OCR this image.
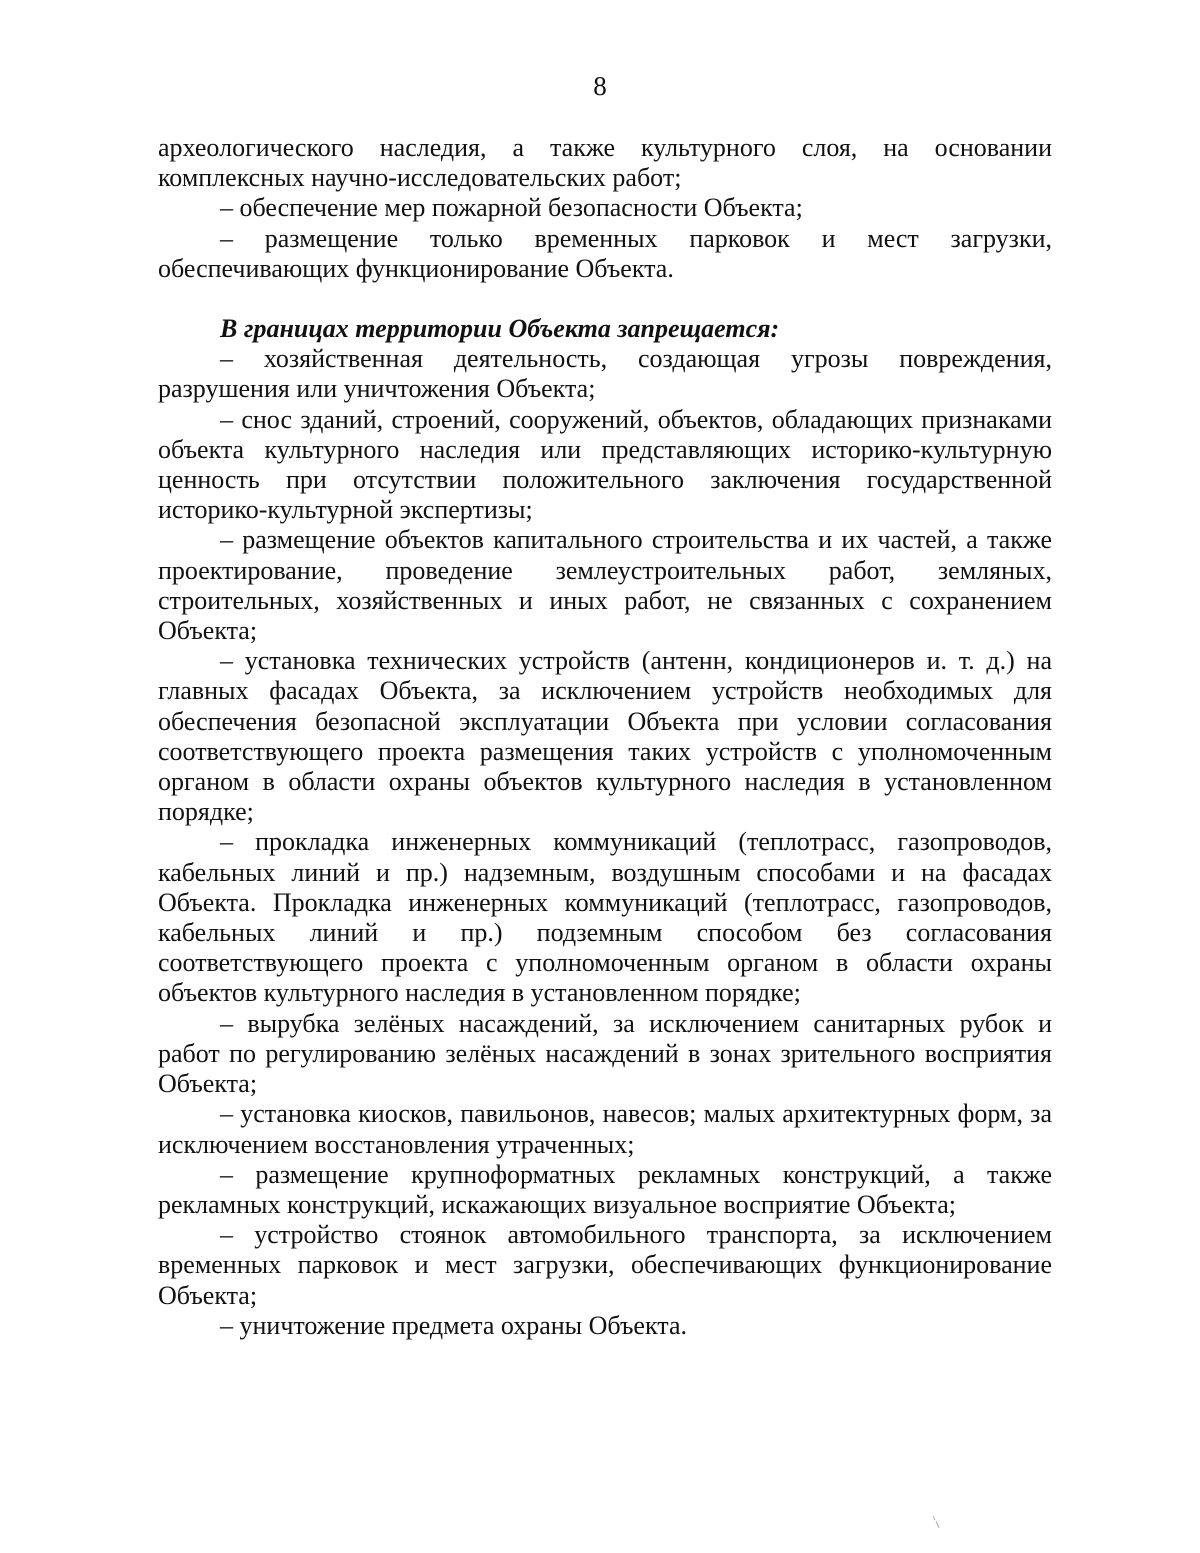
8

археологического наследия, а также культурного слоя, на основании комплексных научно-исследовательских работ;

– обеспечение мер пожарной безопасности Объекта;

– размещение только временных парковок и мест загрузки, обеспечивающих функционирование Объекта.

В границах территории Объекта запрещается:

– хозяйственная деятельность, создающая угрозы повреждения, разрушения или уничтожения Объекта;

– снос зданий, строений, сооружений, объектов, обладающих признаками объекта культурного наследия или представляющих историко-культурную ценность при отсутствии положительного заключения государственной историко-культурной экспертизы;

– размещение объектов капитального строительства и их частей, а также проектирование, проведение землеустроительных работ, земляных, строительных, хозяйственных и иных работ, не связанных с сохранением Объекта;

– установка технических устройств (антенн, кондиционеров и. т. д.) на главных фасадах Объекта, за исключением устройств необходимых для обеспечения безопасной эксплуатации Объекта при условии согласования соответствующего проекта размещения таких устройств с уполномоченным органом в области охраны объектов культурного наследия в установленном порядке;

– прокладка инженерных коммуникаций (теплотрасс, газопроводов, кабельных линий и пр.) надземным, воздушным способами и на фасадах Объекта. Прокладка инженерных коммуникаций (теплотрасс, газопроводов, кабельных линий и пр.) подземным способом без согласования соответствующего проекта с уполномоченным органом в области охраны объектов культурного наследия в установленном порядке;

– вырубка зелёных насаждений, за исключением санитарных рубок и работ по регулированию зелёных насаждений в зонах зрительного восприятия Объекта;

– установка киосков, павильонов, навесов; малых архитектурных форм, за исключением восстановления утраченных;

– размещение крупноформатных рекламных конструкций, а также рекламных конструкций, искажающих визуальное восприятие Объекта;

– устройство стоянок автомобильного транспорта, за исключением временных парковок и мест загрузки, обеспечивающих функционирование Объекта;

– уничтожение предмета охраны Объекта.
